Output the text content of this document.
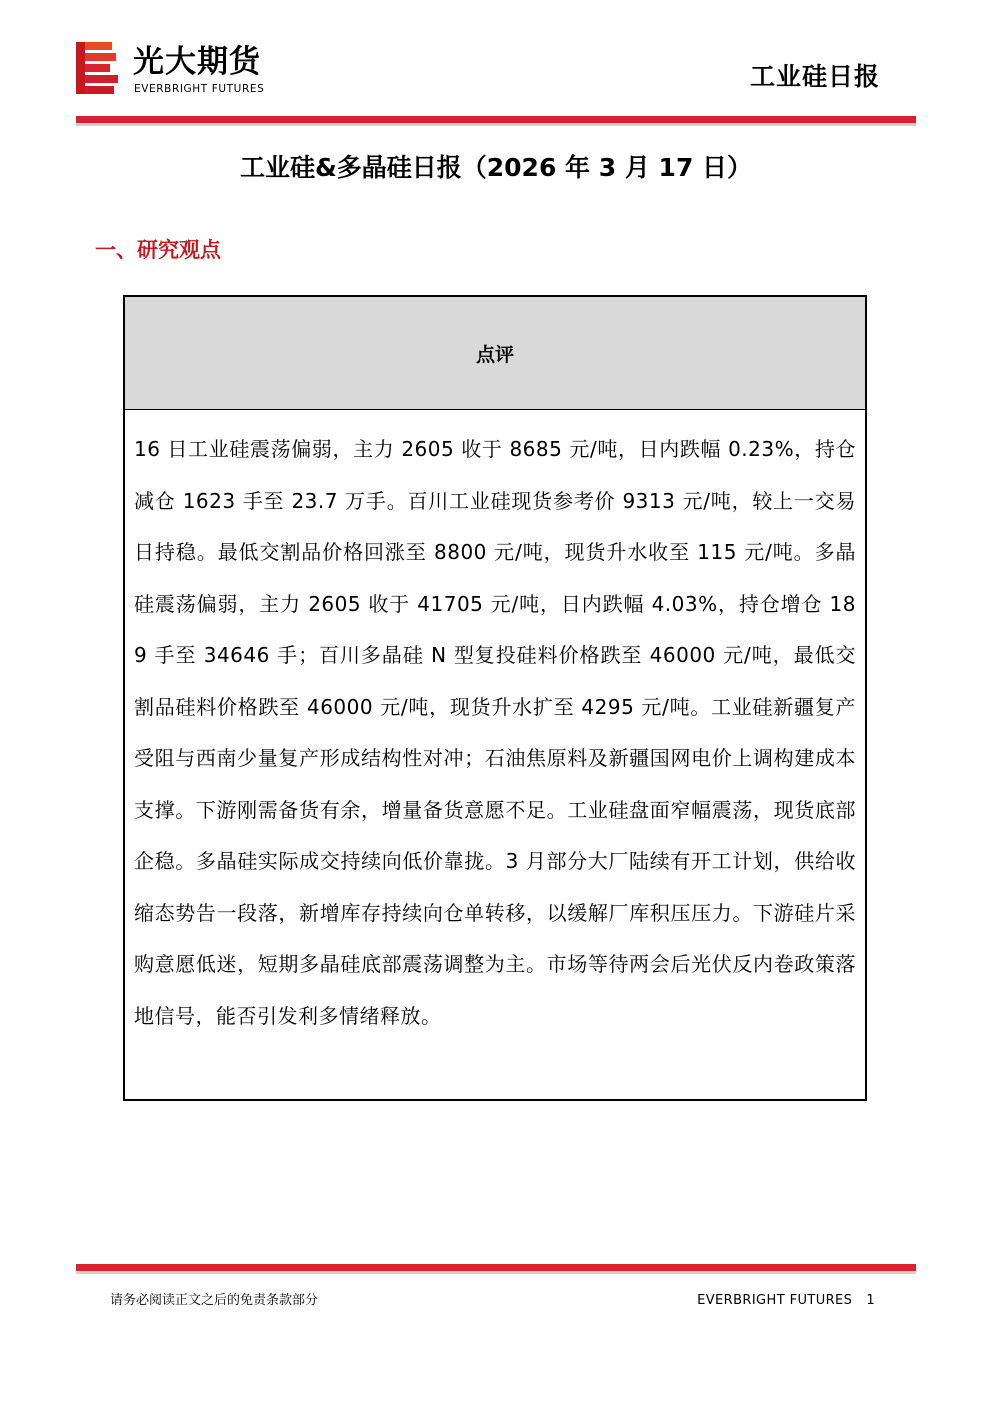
光大期货
EVERBRIGHT FUTURES	工业硅日报
工业硅&多晶硅日报（2026 年 3 月 17 日）
一、研究观点
点评
16 日工业硅震荡偏弱，主力 2605 收于 8685 元/吨，日内跌幅 0.23%，持仓减仓 1623 手至 23.7 万手。百川工业硅现货参考价 9313 元/吨，较上一交易日持稳。最低交割品价格回涨至 8800 元/吨，现货升水收至 115 元/吨。多晶硅震荡偏弱，主力 2605 收于 41705 元/吨，日内跌幅 4.03%，持仓增仓 189 手至 34646 手；百川多晶硅 N 型复投硅料价格跌至 46000 元/吨，最低交割品硅料价格跌至 46000 元/吨，现货升水扩至 4295 元/吨。工业硅新疆复产受阻与西南少量复产形成结构性对冲；石油焦原料及新疆国网电价上调构建成本支撑。下游刚需备货有余，增量备货意愿不足。工业硅盘面窄幅震荡，现货底部企稳。多晶硅实际成交持续向低价靠拢。3 月部分大厂陆续有开工计划，供给收缩态势告一段落，新增库存持续向仓单转移，以缓解厂库积压压力。下游硅片采购意愿低迷，短期多晶硅底部震荡调整为主。市场等待两会后光伏反内卷政策落地信号，能否引发利多情绪释放。
请务必阅读正文之后的免责条款部分	EVERBRIGHT FUTURES 1
